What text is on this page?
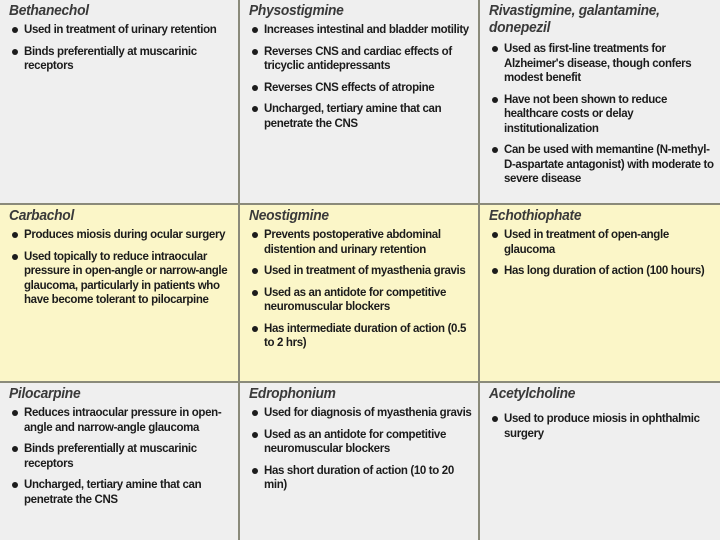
Bethanechol
Used in treatment of urinary retention
Binds preferentially at muscarinic receptors
Physostigmine
Increases intestinal and bladder motility
Reverses CNS and cardiac effects of tricyclic antidepressants
Reverses CNS effects of atropine
Uncharged, tertiary amine that can penetrate the CNS
Rivastigmine, galantamine, donepezil
Used as first-line treatments for Alzheimer's disease, though confers modest benefit
Have not been shown to reduce healthcare costs or delay institutionalization
Can be used with memantine (N-methyl-D-aspartate antagonist) with moderate to severe disease
Carbachol
Produces miosis during ocular surgery
Used topically to reduce intraocular pressure in open-angle or narrow-angle glaucoma, particularly in patients who have become tolerant to pilocarpine
Neostigmine
Prevents postoperative abdominal distention and urinary retention
Used in treatment of myasthenia gravis
Used as an antidote for competitive neuromuscular blockers
Has intermediate duration of action (0.5 to 2 hrs)
Echothiophate
Used in treatment of open-angle glaucoma
Has long duration of action (100 hours)
Pilocarpine
Reduces intraocular pressure in open-angle and narrow-angle glaucoma
Binds preferentially at muscarinic receptors
Uncharged, tertiary amine that can penetrate the CNS
Edrophonium
Used for diagnosis of myasthenia gravis
Used as an antidote for competitive neuromuscular blockers
Has short duration of action (10 to 20 min)
Acetylcholine
Used to produce miosis in ophthalmic surgery
